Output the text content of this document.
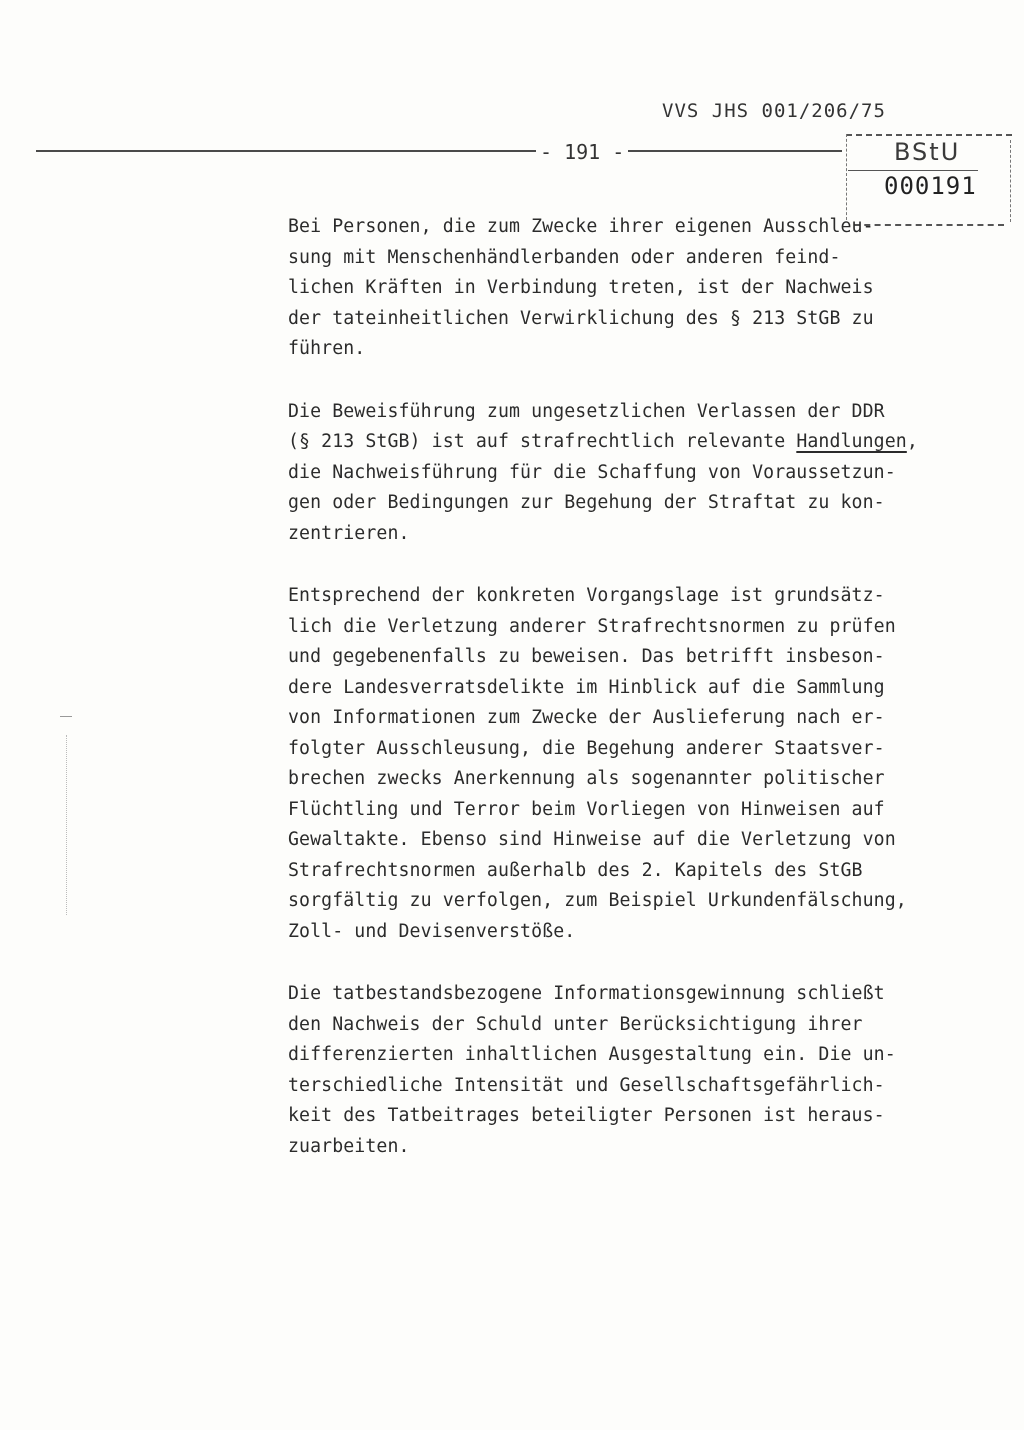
VVS JHS 001/206/75
- 191 -	BStU
000191
Bei Personen, die zum Zwecke ihrer eigenen Ausschleu-
sung mit Menschenhändlerbanden oder anderen feind-
lichen Kräften in Verbindung treten, ist der Nachweis
der tateinheitlichen Verwirklichung des § 213 StGB zu
führen.
Die Beweisführung zum ungesetzlichen Verlassen der DDR
(§ 213 StGB) ist auf strafrechtlich relevante Handlungen,
die Nachweisführung für die Schaffung von Voraussetzun-
gen oder Bedingungen zur Begehung der Straftat zu kon-
zentrieren.
Entsprechend der konkreten Vorgangslage ist grundsätz-
lich die Verletzung anderer Strafrechtsnormen zu prüfen
und gegebenenfalls zu beweisen. Das betrifft insbeson-
dere Landesverratsdelikte im Hinblick auf die Sammlung
von Informationen zum Zwecke der Auslieferung nach er-
folgter Ausschleusung, die Begehung anderer Staatsver-
brechen zwecks Anerkennung als sogenannter politischer
Flüchtling und Terror beim Vorliegen von Hinweisen auf
Gewaltakte. Ebenso sind Hinweise auf die Verletzung von
Strafrechtsnormen außerhalb des 2. Kapitels des StGB
sorgfältig zu verfolgen, zum Beispiel Urkundenfälschung,
Zoll- und Devisenverstöße.
Die tatbestandsbezogene Informationsgewinnung schließt
den Nachweis der Schuld unter Berücksichtigung ihrer
differenzierten inhaltlichen Ausgestaltung ein. Die un-
terschiedliche Intensität und Gesellschaftsgefährlich-
keit des Tatbeitrages beteiligter Personen ist heraus-
zuarbeiten.
